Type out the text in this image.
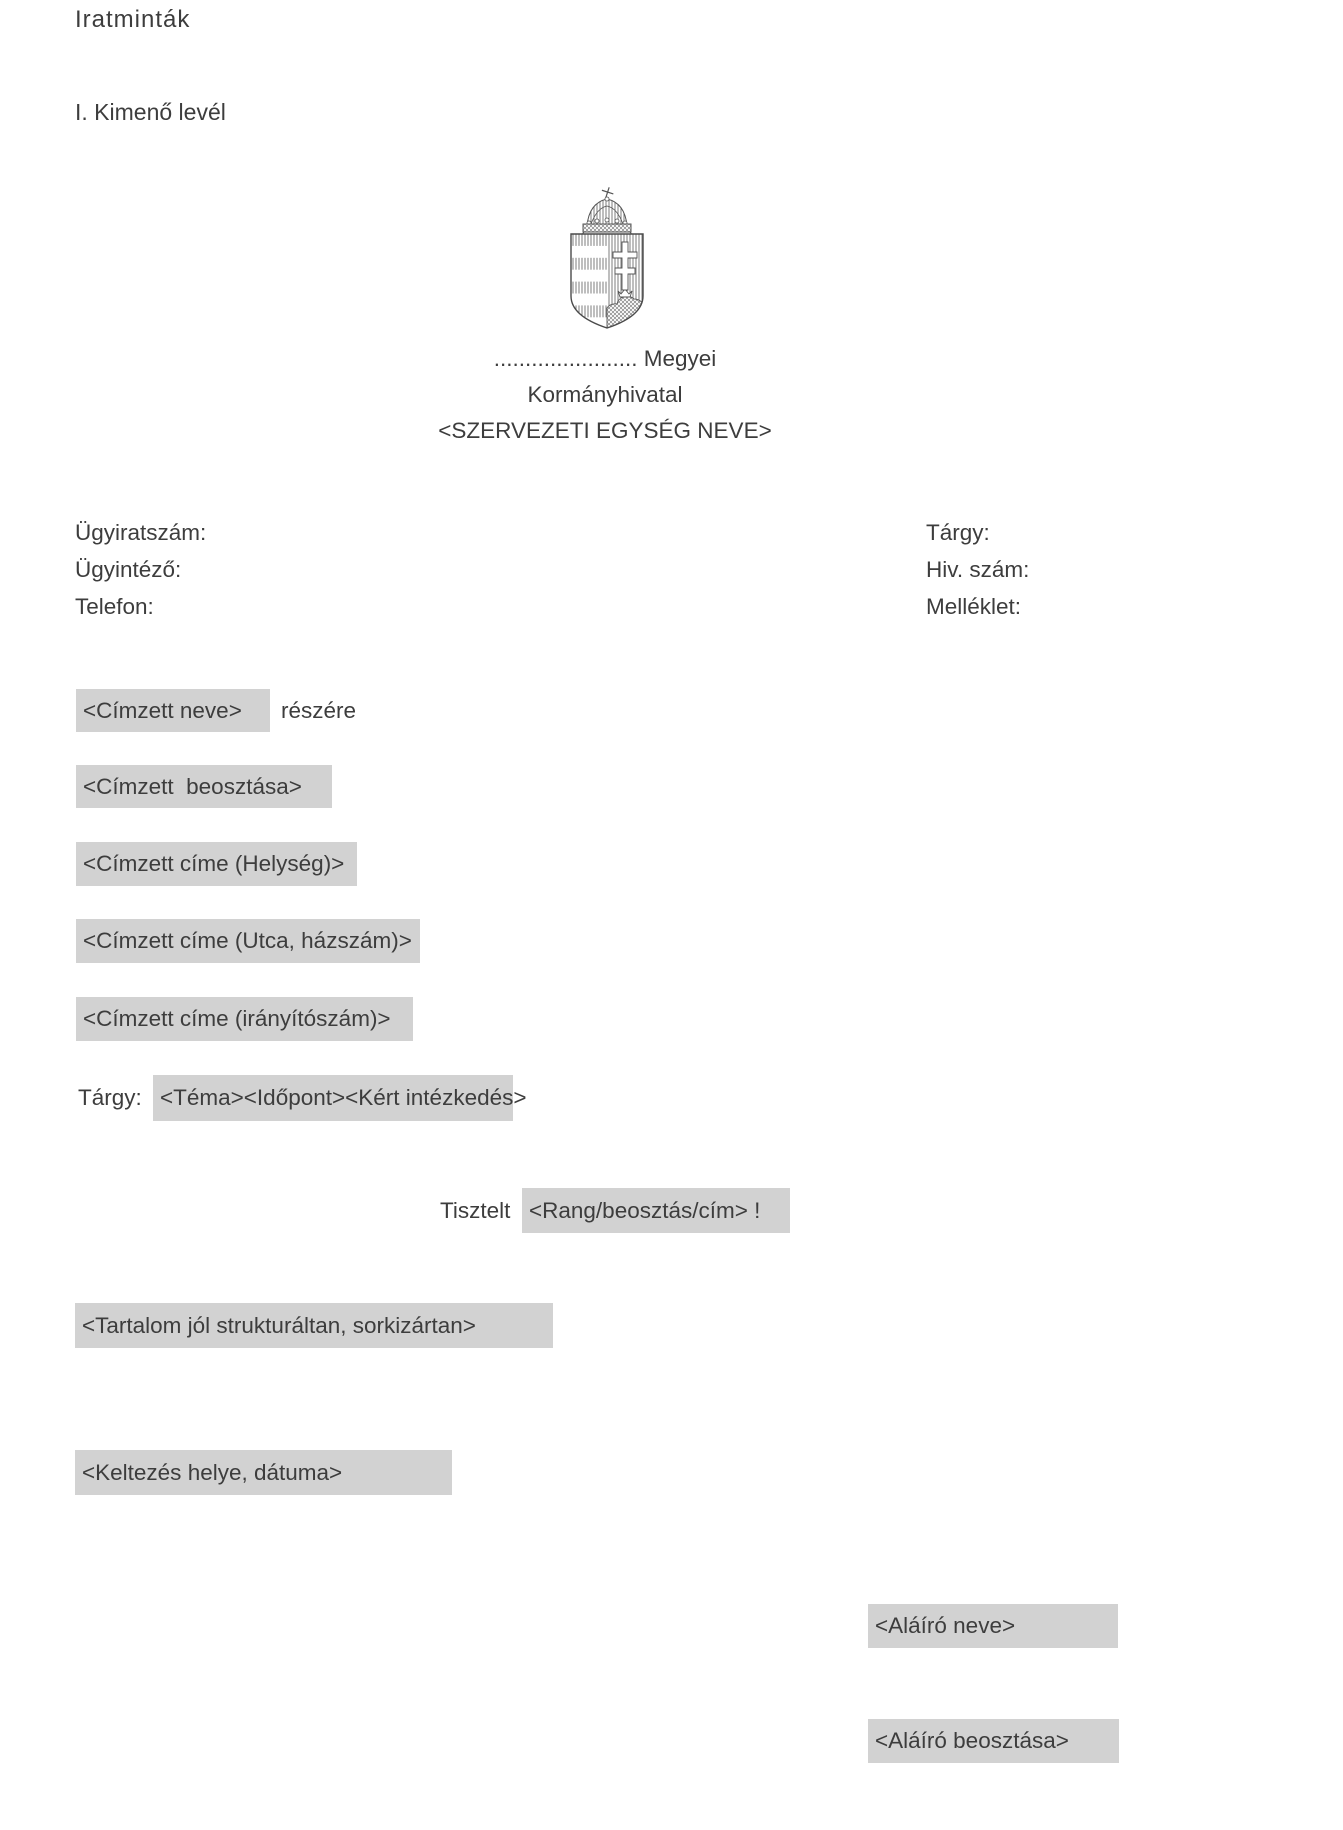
Iratminták
I. Kimenő levél
....................... Megyei
Kormányhivatal
<SZERVEZETI EGYSÉG NEVE>
Ügyiratszám:
Ügyintéző:
Telefon:
Tárgy:
Hiv. szám:
Melléklet:
<Címzett neve>	részére
<Címzett  beosztása>
<Címzett címe (Helység)>
<Címzett címe (Utca, házszám)>
<Címzett címe (irányítószám)>
Tárgy: <Téma><Időpont><Kért intézkedés>
Tisztelt <Rang/beosztás/cím> !
<Tartalom jól strukturáltan, sorkizártan>
<Keltezés helye, dátuma>
<Aláíró neve>
<Aláíró beosztása>
